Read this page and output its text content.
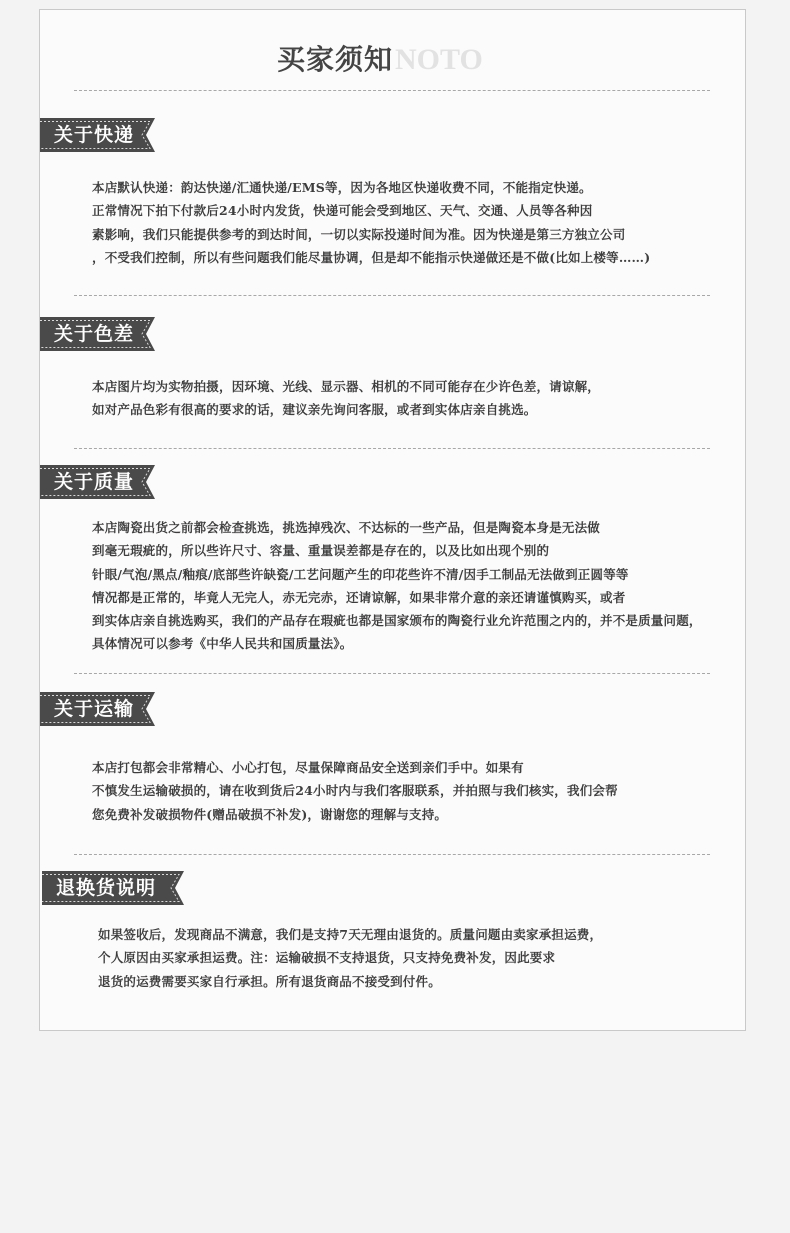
买家须知NOTO
关于快递
本店默认快递：韵达快递/汇通快递/EMS等，因为各地区快递收费不同，不能指定快递。
正常情况下拍下付款后24小时内发货，快递可能会受到地区、天气、交通、人员等各种因
素影响，我们只能提供参考的到达时间，一切以实际投递时间为准。因为快递是第三方独立公司
，不受我们控制，所以有些问题我们能尽量协调，但是却不能指示快递做还是不做(比如上楼等……)
关于色差
本店图片均为实物拍摄，因环境、光线、显示器、相机的不同可能存在少许色差，请谅解，
如对产品色彩有很高的要求的话，建议亲先询问客服，或者到实体店亲自挑选。
关于质量
本店陶瓷出货之前都会检查挑选，挑选掉残次、不达标的一些产品，但是陶瓷本身是无法做
到毫无瑕疵的，所以些许尺寸、容量、重量误差都是存在的，以及比如出现个别的
针眼/气泡/黑点/釉痕/底部些许缺瓷/工艺问题产生的印花些许不清/因手工制品无法做到正圆等等
情况都是正常的，毕竟人无完人，赤无完赤，还请谅解，如果非常介意的亲还请谨慎购买，或者
到实体店亲自挑选购买，我们的产品存在瑕疵也都是国家颁布的陶瓷行业允许范围之内的，并不是质量问题，
具体情况可以参考《中华人民共和国质量法》。
关于运输
本店打包都会非常精心、小心打包，尽量保障商品安全送到亲们手中。如果有
不慎发生运输破损的，请在收到货后24小时内与我们客服联系，并拍照与我们核实，我们会帮
您免费补发破损物件(赠品破损不补发)，谢谢您的理解与支持。
退换货说明
如果签收后，发现商品不满意，我们是支持7天无理由退货的。质量问题由卖家承担运费，
个人原因由买家承担运费。注：运输破损不支持退货，只支持免费补发，因此要求
退货的运费需要买家自行承担。所有退货商品不接受到付件。
